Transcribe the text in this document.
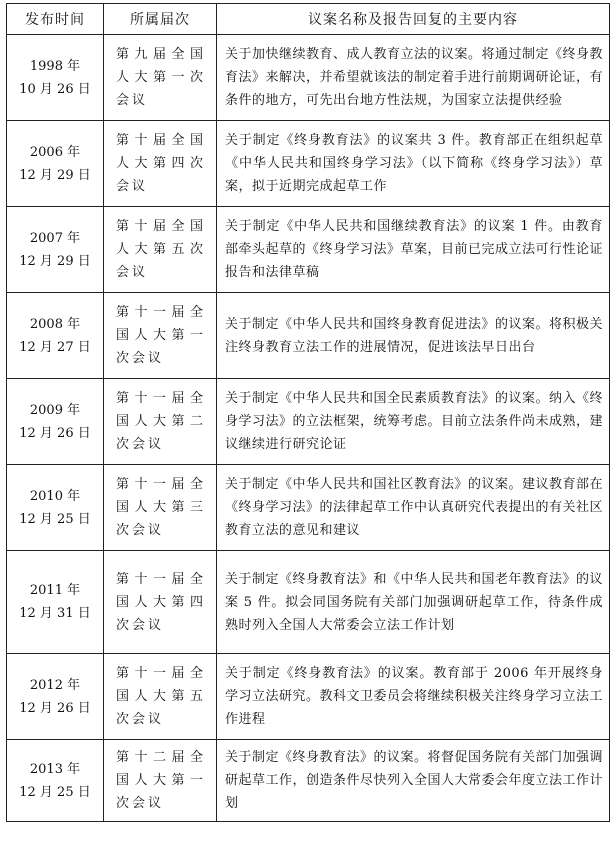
发布时间	所属届次	议案名称及报告回复的主要内容

1998 年
10 月 26 日	第九届全国人大第一次会议	关于加快继续教育、成人教育立法的议案。将通过制定《终身教育法》来解决，并希望就该法的制定着手进行前期调研论证，有条件的地方，可先出台地方性法规，为国家立法提供经验

2006 年
12 月 29 日	第十届全国人大第四次会议	关于制定《终身教育法》的议案共 3 件。教育部正在组织起草《中华人民共和国终身学习法》（以下简称《终身学习法》）草案，拟于近期完成起草工作

2007 年
12 月 29 日	第十届全国人大第五次会议	关于制定《中华人民共和国继续教育法》的议案 1 件。由教育部牵头起草的《终身学习法》草案，目前已完成立法可行性论证报告和法律草稿

2008 年
12 月 27 日	第十一届全国人大第一次会议	关于制定《中华人民共和国终身教育促进法》的议案。将积极关注终身教育立法工作的进展情况，促进该法早日出台

2009 年
12 月 26 日	第十一届全国人大第二次会议	关于制定《中华人民共和国全民素质教育法》的议案。纳入《终身学习法》的立法框架，统筹考虑。目前立法条件尚未成熟，建议继续进行研究论证

2010 年
12 月 25 日	第十一届全国人大第三次会议	关于制定《中华人民共和国社区教育法》的议案。建议教育部在《终身学习法》的法律起草工作中认真研究代表提出的有关社区教育立法的意见和建议

2011 年
12 月 31 日	第十一届全国人大第四次会议	关于制定《终身教育法》和《中华人民共和国老年教育法》的议案 5 件。拟会同国务院有关部门加强调研起草工作，待条件成熟时列入全国人大常委会立法工作计划

2012 年
12 月 26 日	第十一届全国人大第五次会议	关于制定《终身教育法》的议案。教育部于 2006 年开展终身学习立法研究。教科文卫委员会将继续积极关注终身学习立法工作进程

2013 年
12 月 25 日	第十二届全国人大第一次会议	关于制定《终身教育法》的议案。将督促国务院有关部门加强调研起草工作，创造条件尽快列入全国人大常委会年度立法工作计划
